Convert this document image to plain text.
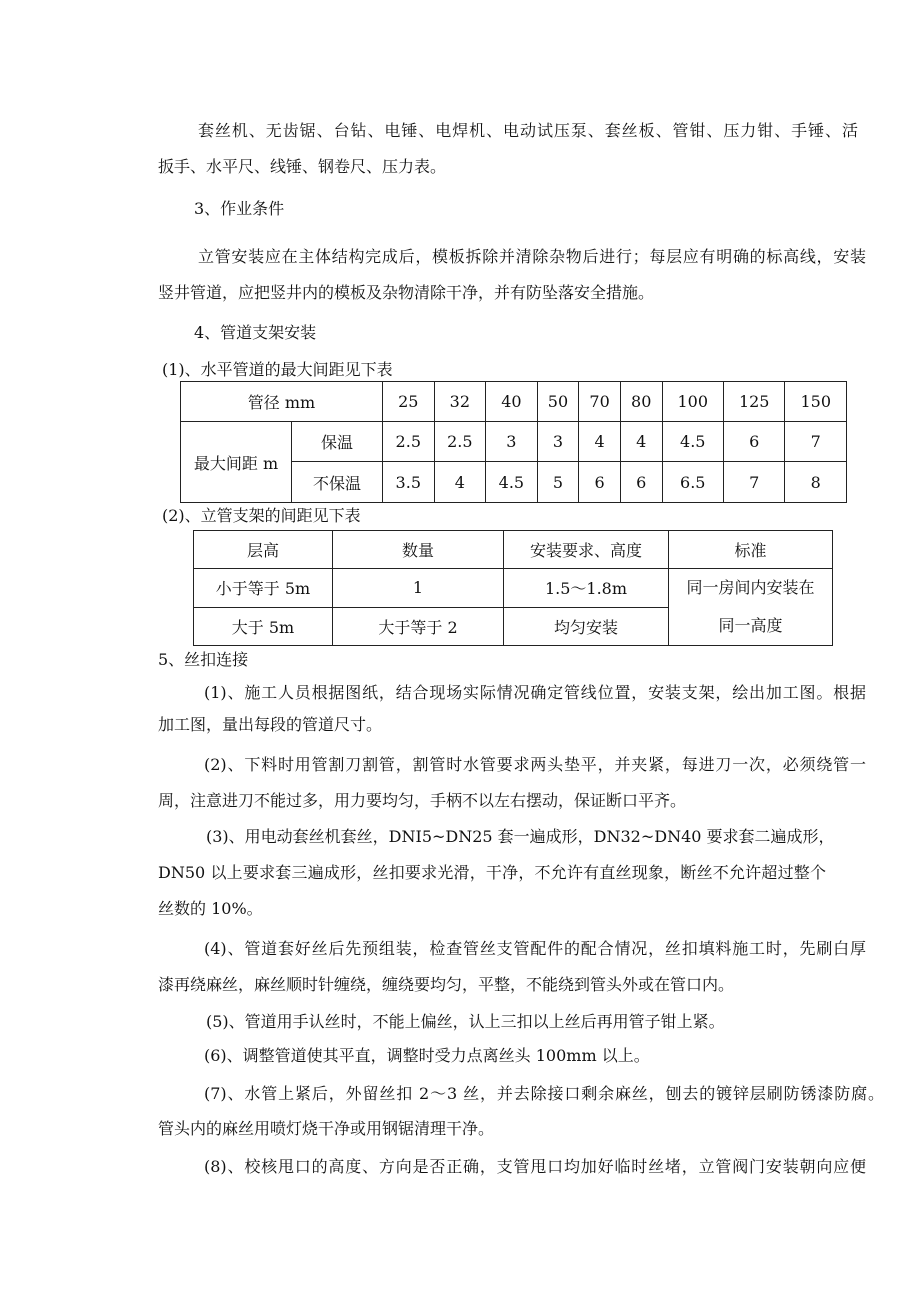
套丝机、无齿锯、台钻、电锤、电焊机、电动试压泵、套丝板、管钳、压力钳、手锤、活
扳手、水平尺、线锤、钢卷尺、压力表。
3、作业条件
立管安装应在主体结构完成后，模板拆除并清除杂物后进行；每层应有明确的标高线，安装
竖井管道，应把竖井内的模板及杂物清除干净，并有防坠落安全措施。
4、管道支架安装
(1)、水平管道的最大间距见下表
管径 mm		25	32	40	50	70	80	100	125	150
最大间距 m	保温	2.5	2.5	3	3	4	4	4.5	6	7
	不保温	3.5	4	4.5	5	6	6	6.5	7	8
(2)、立管支架的间距见下表
层高	数量	安装要求、高度	标准
小于等于 5m	1	1.5～1.8m	同一房间内安装在
同一高度

大于 5m	大于等于 2	均匀安装	
5、丝扣连接
(1)、施工人员根据图纸，结合现场实际情况确定管线位置，安装支架，绘出加工图。根据
加工图，量出每段的管道尺寸。
(2)、下料时用管割刀割管，割管时水管要求两头垫平，并夹紧，每进刀一次，必须绕管一
周，注意进刀不能过多，用力要均匀，手柄不以左右摆动，保证断口平齐。
(3)、用电动套丝机套丝，DNI5~DN25 套一遍成形，DN32~DN40 要求套二遍成形，
DN50 以上要求套三遍成形，丝扣要求光滑，干净，不允许有直丝现象，断丝不允许超过整个
丝数的 10%。
(4)、管道套好丝后先预组装，检查管丝支管配件的配合情况，丝扣填料施工时，先刷白厚
漆再绕麻丝，麻丝顺时针缠绕，缠绕要均匀，平整，不能绕到管头外或在管口内。
(5)、管道用手认丝时，不能上偏丝，认上三扣以上丝后再用管子钳上紧。
(6)、调整管道使其平直，调整时受力点离丝头 100mm 以上。
(7)、水管上紧后，外留丝扣 2～3 丝，并去除接口剩余麻丝，刨去的镀锌层刷防锈漆防腐。
管头内的麻丝用喷灯烧干净或用钢锯清理干净。
(8)、校核甩口的高度、方向是否正确，支管甩口均加好临时丝堵，立管阀门安装朝向应便
